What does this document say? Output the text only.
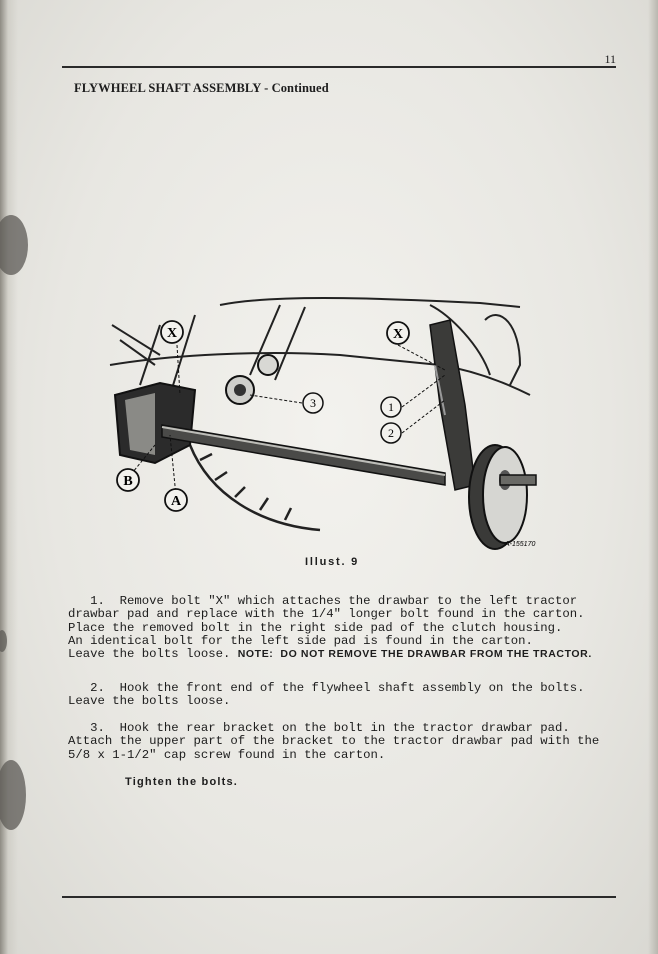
11
FLYWHEEL SHAFT ASSEMBLY - Continued
X	X
1
2
3
A
B
A-155170
Illust. 9
1.  Remove bolt "X" which attaches the drawbar to the left tractor
drawbar pad and replace with the 1/4" longer bolt found in the carton.
Place the removed bolt in the right side pad of the clutch housing.
An identical bolt for the left side pad is found in the carton.
Leave the bolts loose. NOTE:  DO NOT REMOVE THE DRAWBAR FROM THE TRACTOR.
2.  Hook the front end of the flywheel shaft assembly on the bolts.
Leave the bolts loose.
3.  Hook the rear bracket on the bolt in the tractor drawbar pad.
Attach the upper part of the bracket to the tractor drawbar pad with the
5/8 x 1-1/2" cap screw found in the carton.
Tighten the bolts.
